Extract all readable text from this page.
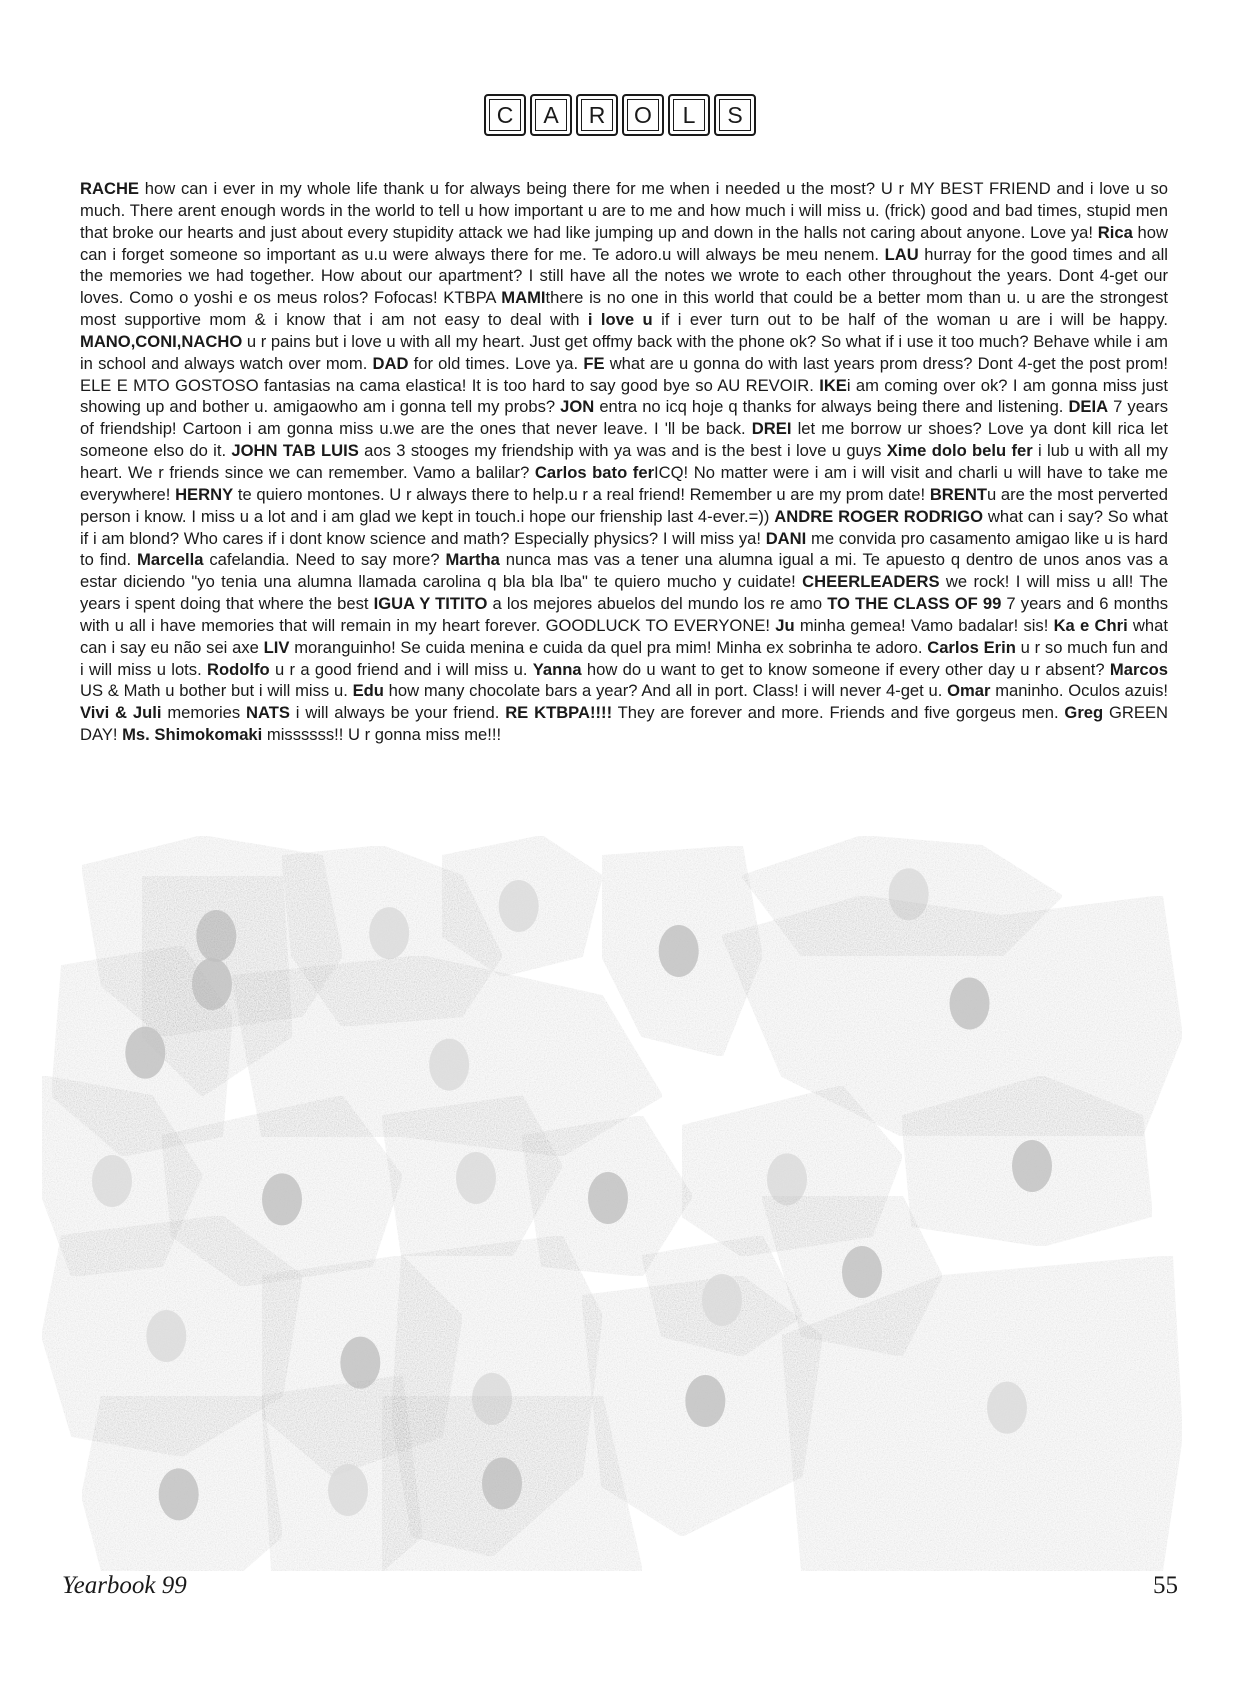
C A R O L S
RACHE how can i ever in my whole life thank u for always being there for me when i needed u the most? U r MY BEST FRIEND and i love u so much. There arent enough words in the world to tell u how important u are to me and how much i will miss u. (frick) good and bad times, stupid men that broke our hearts and just about every stupidity attack we had like jumping up and down in the halls not caring about anyone. Love ya! Rica how can i forget someone so important as u.u were always there for me. Te adoro.u will always be meu nenem. LAU hurray for the good times and all the memories we had together. How about our apartment? I still have all the notes we wrote to each other throughout the years. Dont 4-get our loves. Como o yoshi e os meus rolos? Fofocas! KTBPA MAMIthere is no one in this world that could be a better mom than u. u are the strongest most supportive mom & i know that i am not easy to deal with i love u if i ever turn out to be half of the woman u are i will be happy. MANO,CONI,NACHO u r pains but i love u with all my heart. Just get offmy back with the phone ok? So what if i use it too much? Behave while i am in school and always watch over mom. DAD for old times. Love ya. FE what are u gonna do with last years prom dress? Dont 4-get the post prom! ELE E MTO GOSTOSO fantasias na cama elastica! It is too hard to say good bye so AU REVOIR. IKEi am coming over ok? I am gonna miss just showing up and bother u. amigaowho am i gonna tell my probs? JON entra no icq hoje q thanks for always being there and listening. DEIA 7 years of friendship! Cartoon i am gonna miss u.we are the ones that never leave. I 'll be back. DREI let me borrow ur shoes? Love ya dont kill rica let someone elso do it. JOHN TAB LUIS aos 3 stooges my friendship with ya was and is the best i love u guys Xime dolo belu fer i lub u with all my heart. We r friends since we can remember. Vamo a balilar? Carlos bato ferICQ! No matter were i am i will visit and charli u will have to take me everywhere! HERNY te quiero montones. U r always there to help.u r a real friend! Remember u are my prom date! BRENTu are the most perverted person i know. I miss u a lot and i am glad we kept in touch.i hope our frienship last 4-ever.=)) ANDRE ROGER RODRIGO what can i say? So what if i am blond? Who cares if i dont know science and math? Especially physics? I will miss ya! DANI me convida pro casamento amigao like u is hard to find. Marcella cafelandia. Need to say more? Martha nunca mas vas a tener una alumna igual a mi. Te apuesto q dentro de unos anos vas a estar diciendo "yo tenia una alumna llamada carolina q bla bla lba" te quiero mucho y cuidate! CHEERLEADERS we rock! I will miss u all! The years i spent doing that where the best IGUA Y TITITO a los mejores abuelos del mundo los re amo TO THE CLASS OF 99 7 years and 6 months with u all i have memories that will remain in my heart forever. GOODLUCK TO EVERYONE! Ju minha gemea! Vamo badalar! sis! Ka e Chri what can i say eu não sei axe LIV moranguinho! Se cuida menina e cuida da quel pra mim! Minha ex sobrinha te adoro. Carlos Erin u r so much fun and i will miss u lots. Rodolfo u r a good friend and i will miss u. Yanna how do u want to get to know someone if every other day u r absent? Marcos US & Math u bother but i will miss u. Edu how many chocolate bars a year? And all in port. Class! i will never 4-get u. Omar maninho. Oculos azuis! Vivi & Juli memories NATS i will always be your friend. RE KTBPA!!!! They are forever and more. Friends and five gorgeus men. Greg GREEN DAY! Ms. Shimokomaki missssss!! U r gonna miss me!!!
Yearbook 99	55
